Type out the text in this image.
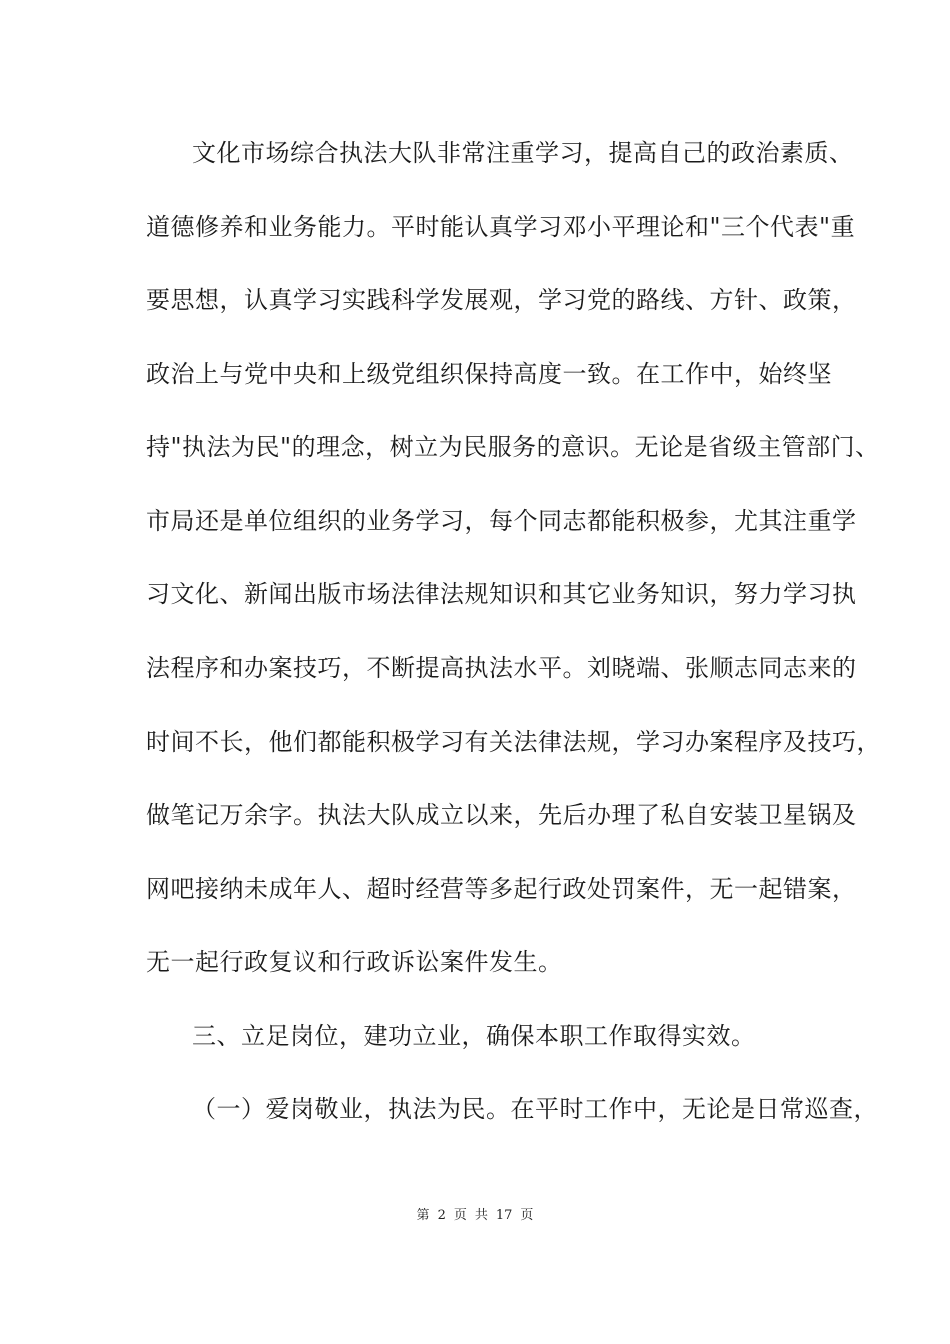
文化市场综合执法大队非常注重学习，提高自己的政治素质、
道德修养和业务能力。平时能认真学习邓小平理论和"三个代表"重
要思想，认真学习实践科学发展观，学习党的路线、方针、政策，
政治上与党中央和上级党组织保持高度一致。在工作中，始终坚
持"执法为民"的理念，树立为民服务的意识。无论是省级主管部门、
市局还是单位组织的业务学习，每个同志都能积极参，尤其注重学
习文化、新闻出版市场法律法规知识和其它业务知识，努力学习执
法程序和办案技巧，不断提高执法水平。刘晓端、张顺志同志来的
时间不长，他们都能积极学习有关法律法规，学习办案程序及技巧，
做笔记万余字。执法大队成立以来，先后办理了私自安装卫星锅及
网吧接纳未成年人、超时经营等多起行政处罚案件，无一起错案，
无一起行政复议和行政诉讼案件发生。
三、立足岗位，建功立业，确保本职工作取得实效。
（一）爱岗敬业，执法为民。在平时工作中，无论是日常巡查，
第 2 页 共 17 页
